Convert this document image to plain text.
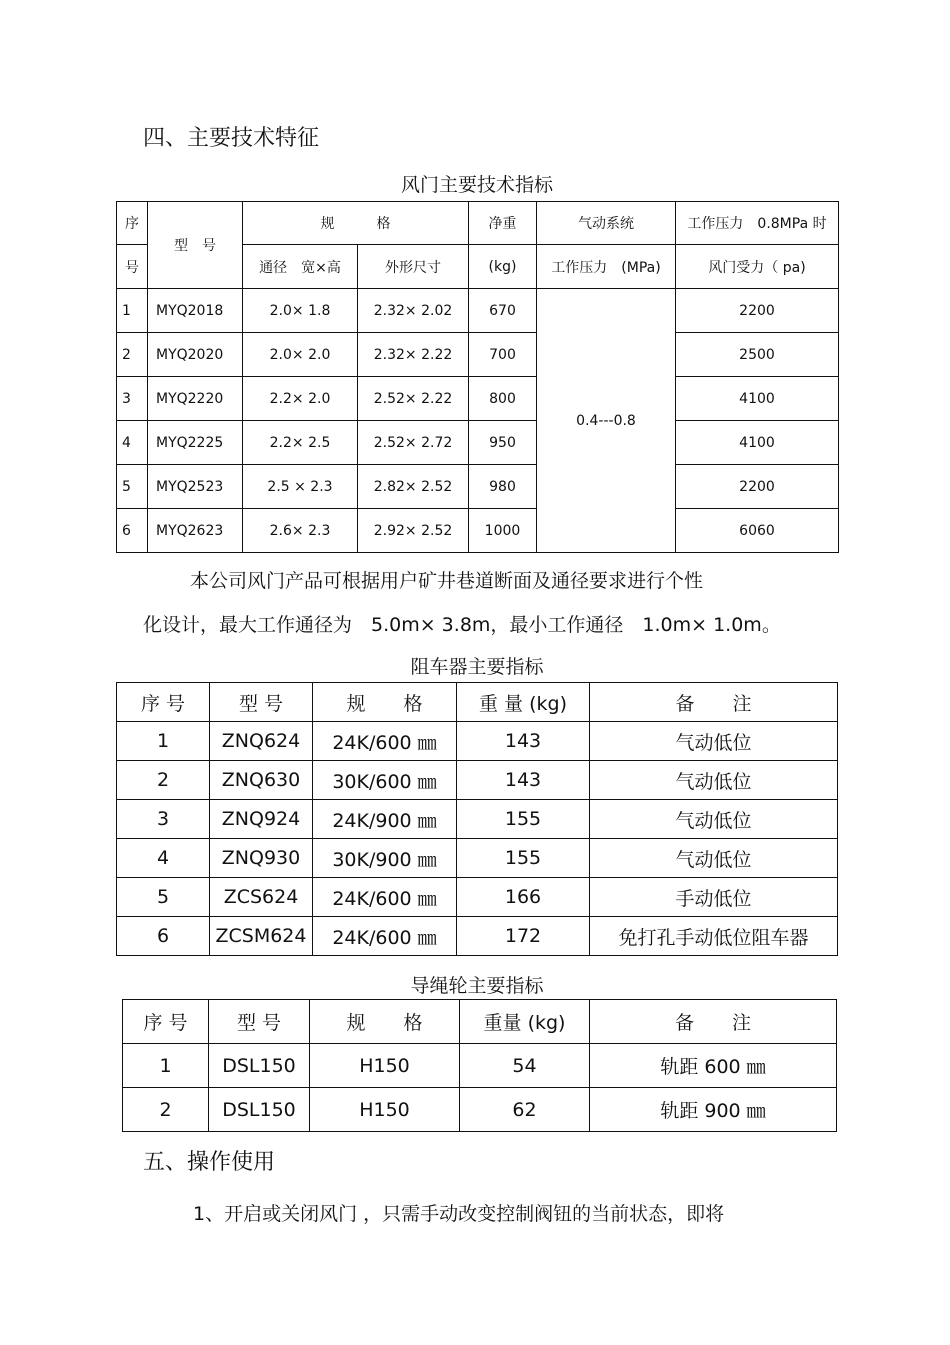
四、主要技术特征
风门主要技术指标
序	型　号	规　　　格		净重	气动系统	工作压力　0.8MPa 时
号		通径　宽×高	外形尺寸	(kg)	工作压力　(MPa)	风门受力（ pa)
1	MYQ2018	2.0× 1.8	2.32× 2.02	670	0.4---0.8	2200
2	MYQ2020	2.0× 2.0	2.32× 2.22	700		2500
3	MYQ2220	2.2× 2.0	2.52× 2.22	800		4100
4	MYQ2225	2.2× 2.5	2.52× 2.72	950		4100
5	MYQ2523	2.5 × 2.3	2.82× 2.52	980		2200
6	MYQ2623	2.6× 2.3	2.92× 2.52	1000		6060
本公司风门产品可根据用户矿井巷道断面及通径要求进行个性
化设计，最大工作通径为　5.0m× 3.8m，最小工作通径　1.0m× 1.0m。
阻车器主要指标
序 号	型 号	规　　格	重 量 (kg)	备　　注
1	ZNQ624	24K/600 ㎜	143	气动低位
2	ZNQ630	30K/600 ㎜	143	气动低位
3	ZNQ924	24K/900 ㎜	155	气动低位
4	ZNQ930	30K/900 ㎜	155	气动低位
5	ZCS624	24K/600 ㎜	166	手动低位
6	ZCSM624	24K/600 ㎜	172	免打孔手动低位阻车器
导绳轮主要指标
序 号	型 号	规　　格	重量 (kg)	备　　注
1	DSL150	H150	54	轨距 600 ㎜
2	DSL150	H150	62	轨距 900 ㎜
五、操作使用
1、开启或关闭风门 ，只需手动改变控制阀钮的当前状态，即将
